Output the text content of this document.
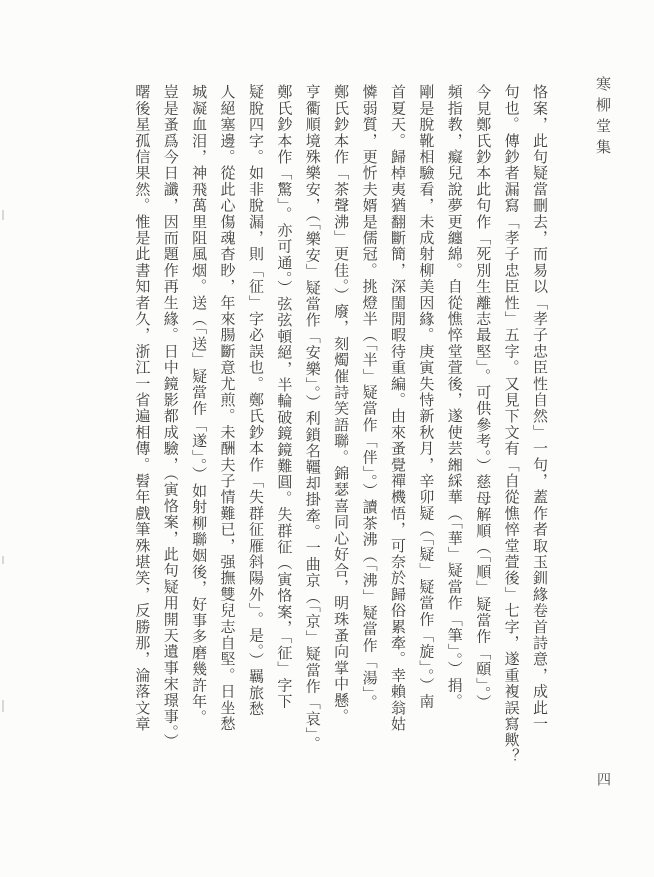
寒柳堂集
恪案，此句疑當刪去，而易以「孝子忠臣性自然」一句，蓋作者取玉釧緣卷首詩意，成此一
句也。傳鈔者漏寫「孝子忠臣性」五字。又見下文有「自從憔悴堂萱後」七字，遂重複誤寫歟？
今見鄭氏鈔本此句作「死別生離志最堅」。可供參考。）慈母解順（「順」疑當作「頤」。）
頻指教，癡兒說夢更纏綿。自從憔悴堂萱後，遂使芸緗綵華（「華」疑當作「筆」。）捐。
剛是脫靴相驗看，未成射柳美因緣。庚寅失恃新秋月，辛卯疑（「疑」疑當作「旋」。）南
首夏天。歸棹夷猶翻斷簡，深閨閒暇待重編。由來蚤覺禪機悟，可奈於歸俗累牽。幸賴翁姑
憐弱質，更忻夫婿是儒冠。挑燈半（「半」疑當作「伴」。）讀茶沸（「沸」疑當作「湯」。
鄭氏鈔本作「茶聲沸」更佳。）廢，刻燭催詩笑語聯。錦瑟喜同心好合，明珠蚤向掌中懸。
亨衢順境殊樂安，（「樂安」疑當作「安樂」。）利鎖名韁却掛牽。一曲京（「京」疑當作「哀」。
鄭氏鈔本作「驚」。亦可通。）弦弦頓絕，半輪破鏡鏡難圓。失群征（寅恪案，「征」字下
疑脫四字。如非脫漏，則「征」字必誤也。鄭氏鈔本作「失群征雁斜陽外」。是。）羈旅愁
人絕塞邊。從此心傷魂杳眇，年來腸斷意尤煎。未酬夫子情難已，强撫雙兒志自堅。日坐愁
城凝血泪，神飛萬里阻風烟。送（「送」疑當作「遂」。）如射柳聯姻後，好事多磨幾許年。
豈是蚤爲今日讖，因而題作再生緣。日中鏡影都成驗，（寅恪案，此句疑用開天遺事宋璟事。）
曙後星孤信果然。惟是此書知者久，浙江一省遍相傳。髫年戲筆殊堪笑，反勝那，淪落文章
四
